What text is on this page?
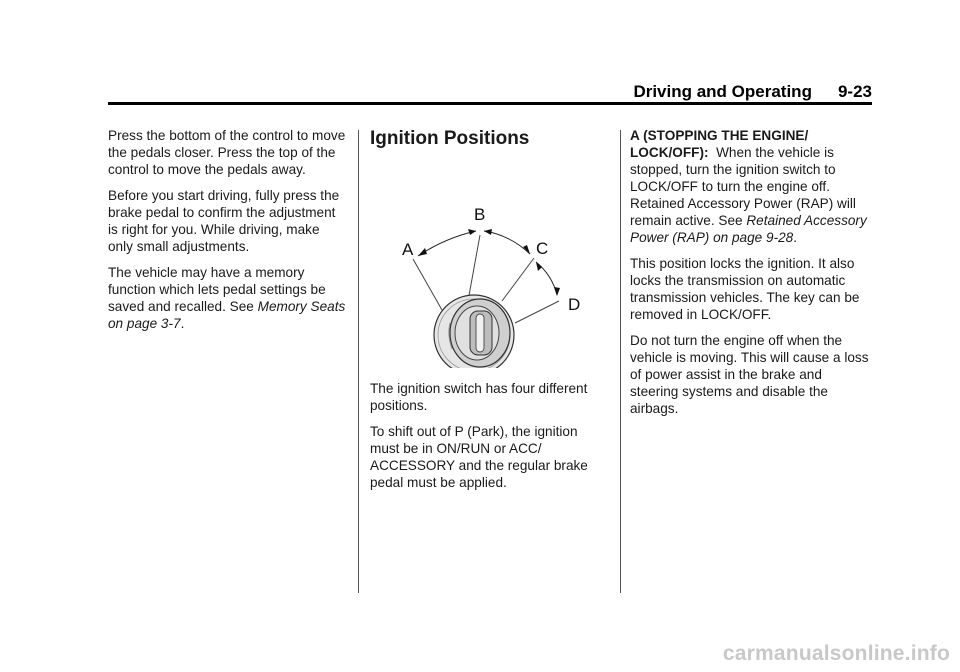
Driving and Operating 9-23

Press the bottom of the control to move the pedals closer. Press the top of the control to move the pedals away.

Before you start driving, fully press the brake pedal to confirm the adjustment is right for you. While driving, make only small adjustments.

The vehicle may have a memory function which lets pedal settings be saved and recalled. See Memory Seats on page 3-7.

Ignition Positions
A
B
C
D

The ignition switch has four different positions.

To shift out of P (Park), the ignition must be in ON/RUN or ACC/ ACCESSORY and the regular brake pedal must be applied.

A (STOPPING THE ENGINE/ LOCK/OFF): When the vehicle is stopped, turn the ignition switch to LOCK/OFF to turn the engine off. Retained Accessory Power (RAP) will remain active. See Retained Accessory Power (RAP) on page 9-28.

This position locks the ignition. It also locks the transmission on automatic transmission vehicles. The key can be removed in LOCK/OFF.

Do not turn the engine off when the vehicle is moving. This will cause a loss of power assist in the brake and steering systems and disable the airbags.

carmanualsonline.info
